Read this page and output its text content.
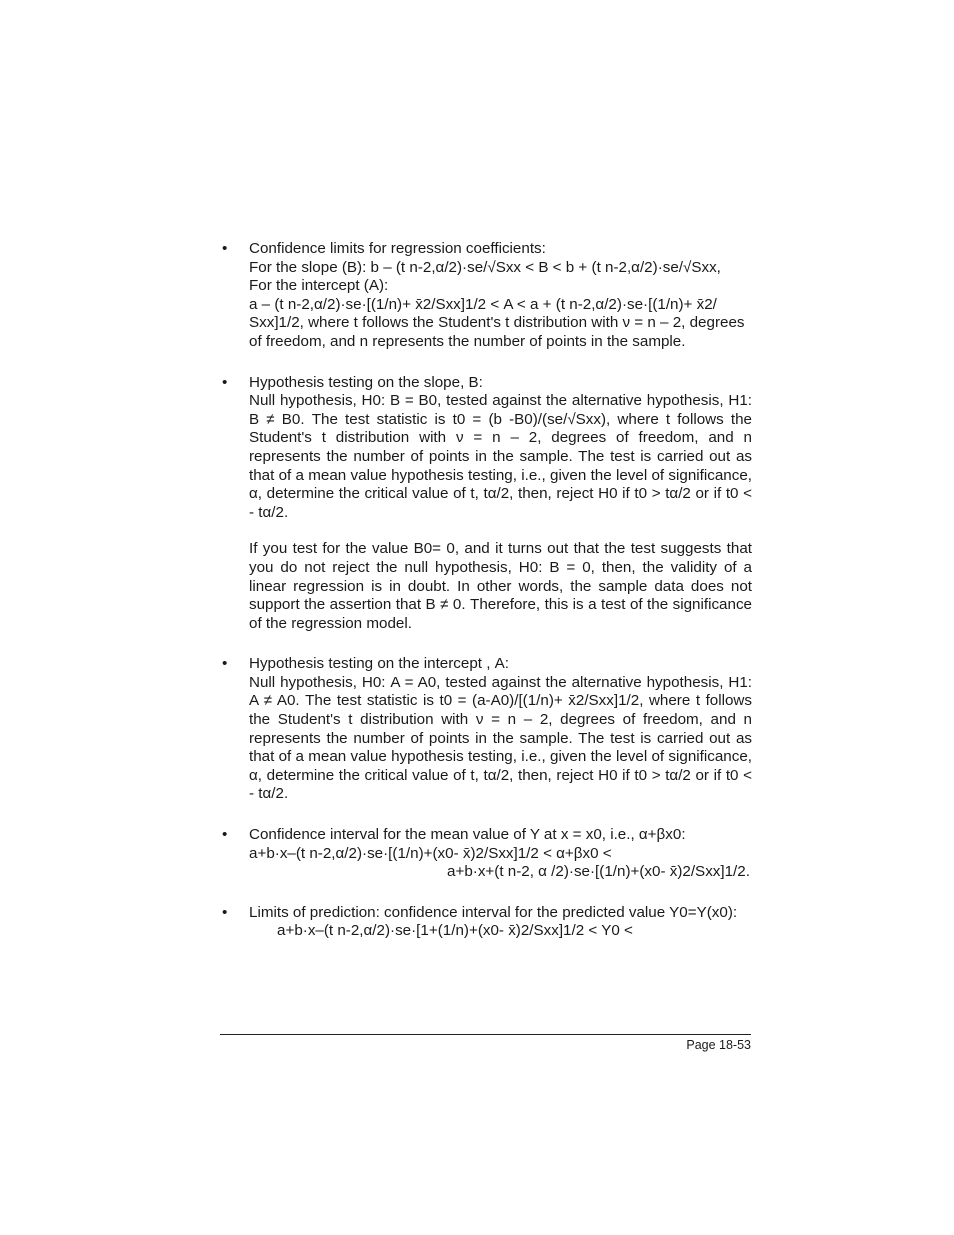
• Confidence limits for regression coefficients:
For the slope (Β): b – (t n-2,α/2)·se/√Sxx < Β < b + (t n-2,α/2)·se/√Sxx,
For the intercept (Α):
a – (t n-2,α/2)·se·[(1/n)+ x̄2/Sxx]1/2 < Α < a + (t n-2,α/2)·se·[(1/n)+ x̄2/
Sxx]1/2, where t follows the Student's t distribution with ν = n – 2, degrees
of freedom, and n represents the number of points in the sample.
• Hypothesis testing on the slope, Β:
Null hypothesis, H0: Β = Β0, tested against the alternative hypothesis, H1: Β ≠ Β0. The test statistic is t0 = (b -Β0)/(se/√Sxx), where t follows the Student's t distribution with ν = n – 2, degrees of freedom, and n represents the number of points in the sample. The test is carried out as that of a mean value hypothesis testing, i.e., given the level of significance, α, determine the critical value of t, tα/2, then, reject H0 if t0 > tα/2 or if t0 < - tα/2.
If you test for the value Β0= 0, and it turns out that the test suggests that you do not reject the null hypothesis, H0: Β = 0, then, the validity of a linear regression is in doubt. In other words, the sample data does not support the assertion that Β ≠ 0. Therefore, this is a test of the significance of the regression model.
• Hypothesis testing on the intercept , Α:
Null hypothesis, H0: Α = Α0, tested against the alternative hypothesis, H1: Α ≠ Α0. The test statistic is t0 = (a-Α0)/[(1/n)+ x̄2/Sxx]1/2, where t follows the Student's t distribution with ν = n – 2, degrees of freedom, and n represents the number of points in the sample. The test is carried out as that of a mean value hypothesis testing, i.e., given the level of significance, α, determine the critical value of t, tα/2, then, reject H0 if t0 > tα/2 or if t0 < - tα/2.
• Confidence interval for the mean value of Y at x = x0, i.e., α+βx0:
a+b·x–(t n-2,α/2)·se·[(1/n)+(x0- x̄)2/Sxx]1/2 < α+βx0 <
a+b·x+(t n-2, α /2)·se·[(1/n)+(x0- x̄)2/Sxx]1/2.
• Limits of prediction: confidence interval for the predicted value Y0=Y(x0):
a+b·x–(t n-2,α/2)·se·[1+(1/n)+(x0- x̄)2/Sxx]1/2 < Y0 <
Page 18-53
